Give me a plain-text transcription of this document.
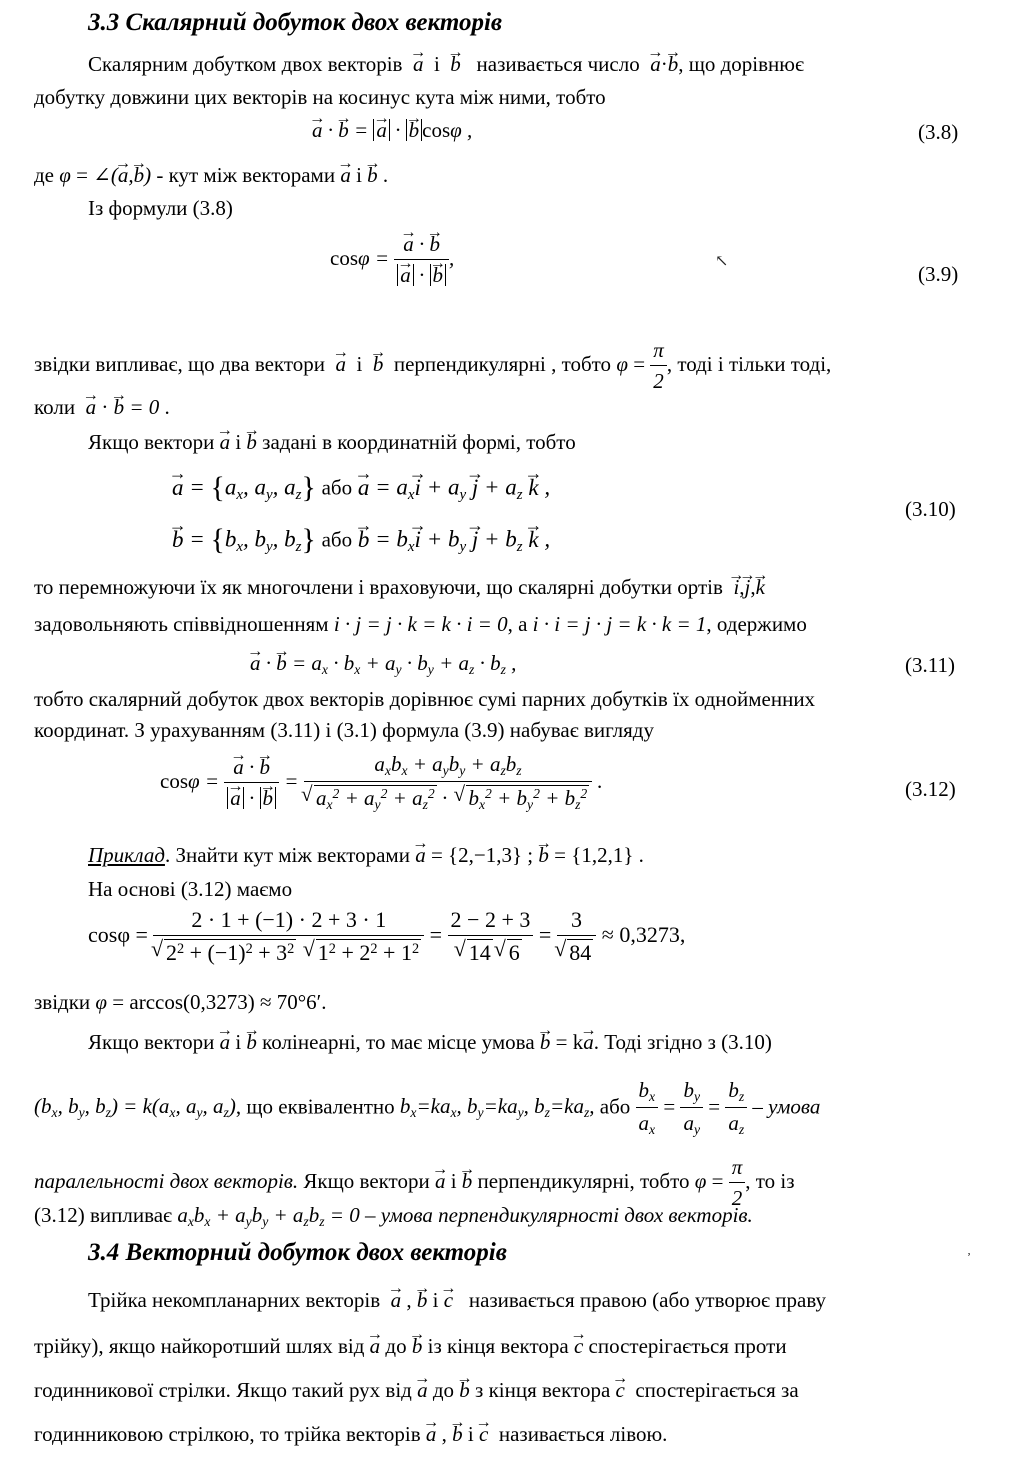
3.3 Скалярний добуток двох векторів
Скалярним добутком двох векторів → a  і  → b називається число → a·→ b, що дорівнює
добутку довжини цих векторів на косинус кута між ними, тобто
→ a · → b = → a · → b cosφ ,	(3.8)
де φ = ∠(→ a,→ b) - кут між векторами → a і → b .
Із формули (3.8)
cosφ = → a · → b
→ a · → b ,	↖
(3.9)
звідки випливає, що два вектори → a  і  → b перпендикулярні , тобто $\varphi = \frac{\pi}{2}$ , тоді і тільки тоді,
коли → a · → b = 0 .
Якщо вектори → a і → b задані в координатній формі, тобто
→ $a = \{a_x$, $a_y$, $a_z$} або → $a = a_x\to i + a_y \to j + a_z \to k$ ,
→ $b = \{b_x$, $b_y$, $b_z$} або → $b = b_x\to i + b_y \to j + b_z \to k$ ,
(3.10)
то перемножуючи їх як многочлени і враховуючи, що скалярні добутки ортів → i,→ j,→ k
задовольняють співвідношенням i · j = j · k = k · i = 0, а i · i = j · j = k · k = 1, одержимо
→ a · → $b = a_x \cdot b_x + a_y \cdot b_y + a_z \cdot b_z$ ,	(3.11)
тобто скалярний добуток двох векторів дорівнює сумі парних добутків їх однойменних
координат. З урахуванням (3.11) і (3.1) формула (3.9) набуває вигляду
cosφ = → a · → b
→ a · → $b = a_xb_x + a_yb_y + a_zb_z$
√ $a_x^2 + a_y^2 + a_z^2$ · √ $b_x^2 + b_y^2 + b_z^2$ .	(3.12)
Приклад. Знайти кут між векторами → a = {2,−1,3} ; → b = {1,2,1} .
На основі (3.12) маємо
cosφ = 2 · 1 + (−1) · 2 + 3 · 1
√ $2^2 + (-1)^2 + 3^2$ √ $1^2 + 2^2 + 1^2 = 2 - 2 + 3$
√ 14 √ 6 = 3
√ 84 ≈ 0,3273,
звідки φ = arccos(0,3273) ≈ 70°6′.
Якщо вектори → a і → b колінеарні, то має місце умова → b = k→ a. Тоді згідно з (3.10)
($b_x$, $b_y$, $b_z) = k(a_x$, $a_y$, $a_z$), що еквівалентно $b_x=ka_x$, $b_y=ka_y$, $b_z=ka_z$, або $\frac{b_x}{a_x} = \frac{b_y}{a_y} = \frac{b_z}{a_z}$ – умова
паралельності двох векторів. Якщо вектори → a і → b перпендикулярні, тобто $\varphi = \frac{\pi}{2}$ , то із
(3.12) випливає $a_xb_x + a_yb_y + a_zb_z = 0$ – умова перпендикулярності двох векторів.
3.4 Векторний добуток двох векторів	ʼ
Трійка некомпланарних векторів → a , → b і → c називається правою (або утворює праву
трійку), якщо найкоротший шлях від → a до → b із кінця вектора → c спостерігається проти
годинникової стрілки. Якщо такий рух від → a до → b з кінця вектора → c спостерігається за
годинниковою стрілкою, то трійка векторів → a , → b і → c називається лівою.
